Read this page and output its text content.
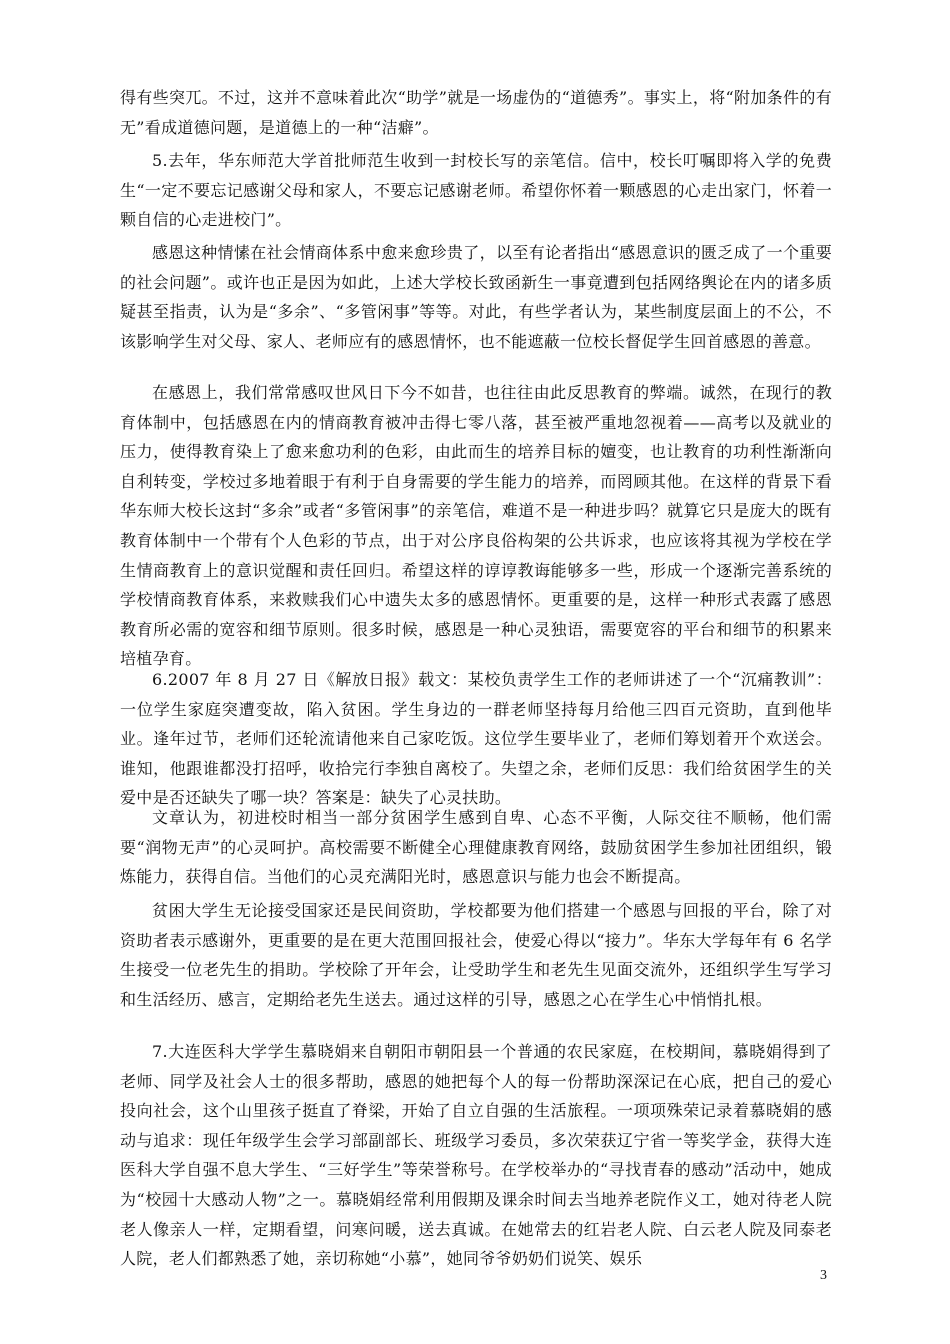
得有些突兀。不过，这并不意味着此次“助学”就是一场虚伪的“道德秀”。事实上，将“附加条件的有无”看成道德问题，是道德上的一种“洁癖”。

5.去年，华东师范大学首批师范生收到一封校长写的亲笔信。信中，校长叮嘱即将入学的免费生“一定不要忘记感谢父母和家人，不要忘记感谢老师。希望你怀着一颗感恩的心走出家门，怀着一颗自信的心走进校门”。

感恩这种情愫在社会情商体系中愈来愈珍贵了，以至有论者指出“感恩意识的匮乏成了一个重要的社会问题”。或许也正是因为如此，上述大学校长致函新生一事竟遭到包括网络舆论在内的诸多质疑甚至指责，认为是“多余”、“多管闲事”等等。对此，有些学者认为，某些制度层面上的不公，不该影响学生对父母、家人、老师应有的感恩情怀，也不能遮蔽一位校长督促学生回首感恩的善意。

在感恩上，我们常常感叹世风日下今不如昔，也往往由此反思教育的弊端。诚然，在现行的教育体制中，包括感恩在内的情商教育被冲击得七零八落，甚至被严重地忽视着——高考以及就业的压力，使得教育染上了愈来愈功利的色彩，由此而生的培养目标的嬗变，也让教育的功利性渐渐向自利转变，学校过多地着眼于有利于自身需要的学生能力的培养，而罔顾其他。在这样的背景下看华东师大校长这封“多余”或者“多管闲事”的亲笔信，难道不是一种进步吗？就算它只是庞大的既有教育体制中一个带有个人色彩的节点，出于对公序良俗构架的公共诉求，也应该将其视为学校在学生情商教育上的意识觉醒和责任回归。希望这样的谆谆教诲能够多一些，形成一个逐渐完善系统的学校情商教育体系，来救赎我们心中遗失太多的感恩情怀。更重要的是，这样一种形式表露了感恩教育所必需的宽容和细节原则。很多时候，感恩是一种心灵独语，需要宽容的平台和细节的积累来培植孕育。

6.2007 年 8 月 27 日《解放日报》载文：某校负责学生工作的老师讲述了一个“沉痛教训”：一位学生家庭突遭变故，陷入贫困。学生身边的一群老师坚持每月给他三四百元资助，直到他毕业。逢年过节，老师们还轮流请他来自己家吃饭。这位学生要毕业了，老师们筹划着开个欢送会。谁知，他跟谁都没打招呼，收拾完行李独自离校了。失望之余，老师们反思：我们给贫困学生的关爱中是否还缺失了哪一块？答案是：缺失了心灵扶助。

文章认为，初进校时相当一部分贫困学生感到自卑、心态不平衡，人际交往不顺畅，他们需要“润物无声”的心灵呵护。高校需要不断健全心理健康教育网络，鼓励贫困学生参加社团组织，锻炼能力，获得自信。当他们的心灵充满阳光时，感恩意识与能力也会不断提高。

贫困大学生无论接受国家还是民间资助，学校都要为他们搭建一个感恩与回报的平台，除了对资助者表示感谢外，更重要的是在更大范围回报社会，使爱心得以“接力”。华东大学每年有 6 名学生接受一位老先生的捐助。学校除了开年会，让受助学生和老先生见面交流外，还组织学生写学习和生活经历、感言，定期给老先生送去。通过这样的引导，感恩之心在学生心中悄悄扎根。

7.大连医科大学学生慕晓娟来自朝阳市朝阳县一个普通的农民家庭，在校期间，慕晓娟得到了老师、同学及社会人士的很多帮助，感恩的她把每个人的每一份帮助深深记在心底，把自己的爱心投向社会，这个山里孩子挺直了脊梁，开始了自立自强的生活旅程。一项项殊荣记录着慕晓娟的感动与追求：现任年级学生会学习部副部长、班级学习委员，多次荣获辽宁省一等奖学金，获得大连医科大学自强不息大学生、“三好学生”等荣誉称号。在学校举办的“寻找青春的感动”活动中，她成为“校园十大感动人物”之一。慕晓娟经常利用假期及课余时间去当地养老院作义工，她对待老人院老人像亲人一样，定期看望，问寒问暖，送去真诚。在她常去的红岩老人院、白云老人院及同泰老人院，老人们都熟悉了她，亲切称她“小慕”，她同爷爷奶奶们说笑、娱乐

3
